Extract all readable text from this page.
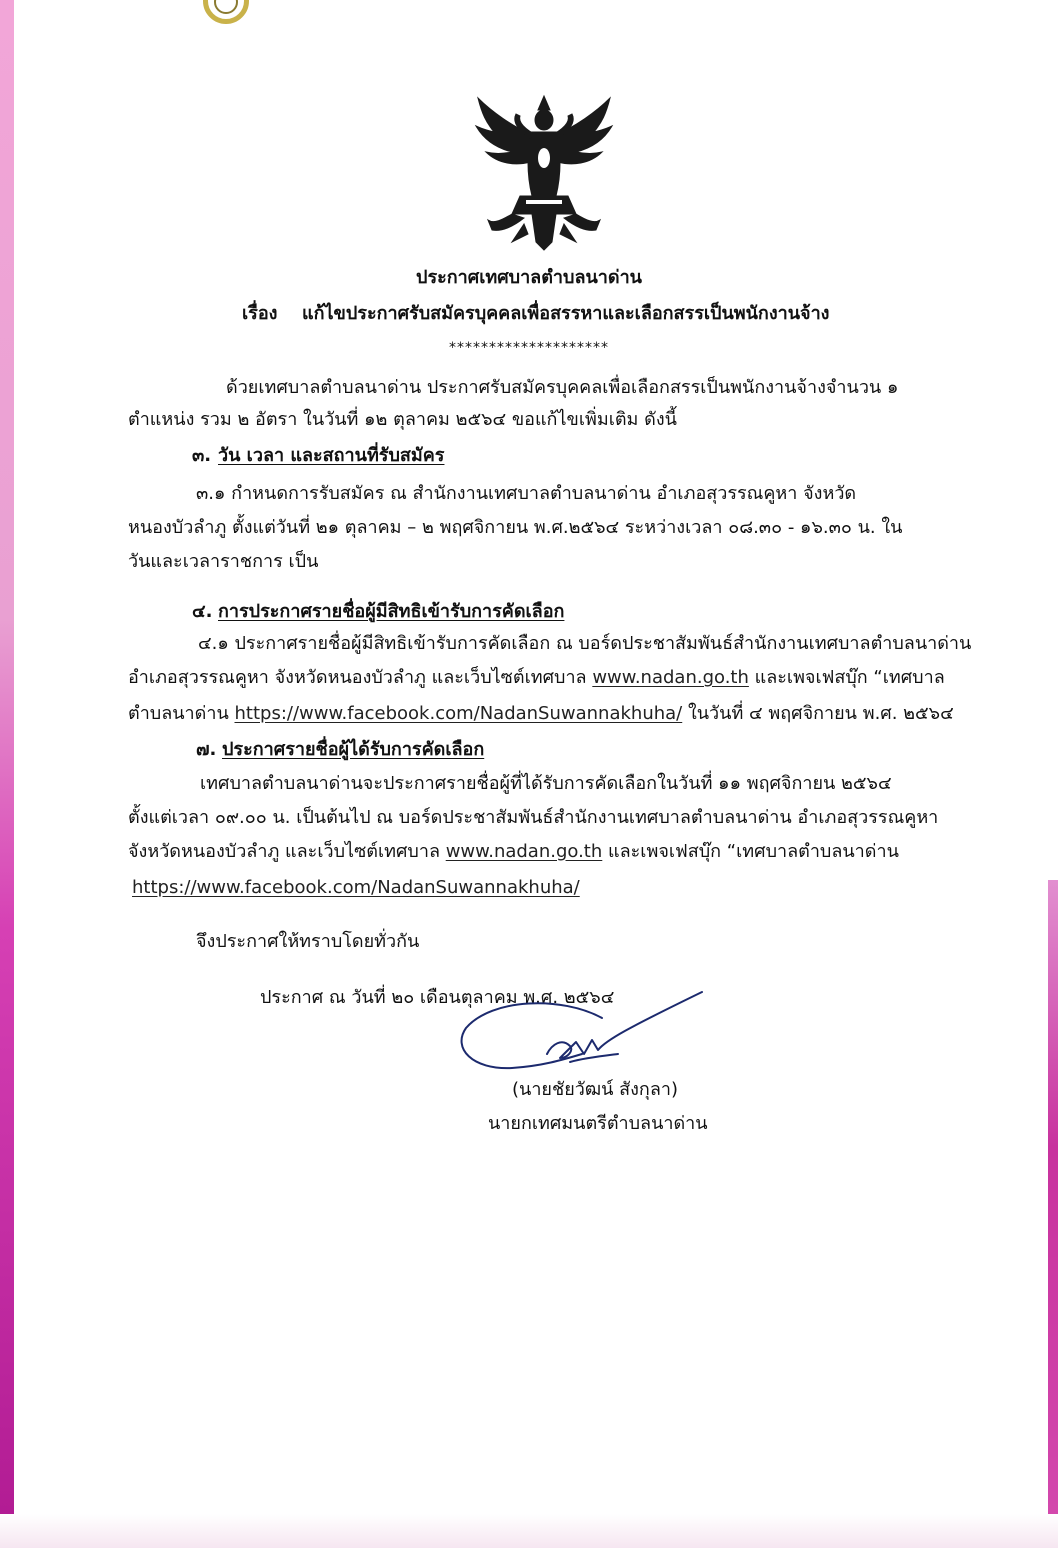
ประกาศเทศบาลตำบลนาด่าน
เรื่อง แก้ไขประกาศรับสมัครบุคคลเพื่อสรรหาและเลือกสรรเป็นพนักงานจ้าง
********************
ด้วยเทศบาลตำบลนาด่าน ประกาศรับสมัครบุคคลเพื่อเลือกสรรเป็นพนักงานจ้างจำนวน ๑
ตำแหน่ง รวม ๒ อัตรา ในวันที่ ๑๒ ตุลาคม ๒๕๖๔ ขอแก้ไขเพิ่มเติม ดังนี้
๓. วัน เวลา และสถานที่รับสมัคร
๓.๑ กำหนดการรับสมัคร ณ สำนักงานเทศบาลตำบลนาด่าน อำเภอสุวรรณคูหา จังหวัด
หนองบัวลำภู ตั้งแต่วันที่ ๒๑ ตุลาคม – ๒ พฤศจิกายน พ.ศ.๒๕๖๔ ระหว่างเวลา ๐๘.๓๐ - ๑๖.๓๐ น. ใน
วันและเวลาราชการ เป็น
๔. การประกาศรายชื่อผู้มีสิทธิเข้ารับการคัดเลือก
๔.๑ ประกาศรายชื่อผู้มีสิทธิเข้ารับการคัดเลือก ณ บอร์ดประชาสัมพันธ์สำนักงานเทศบาลตำบลนาด่าน
อำเภอสุวรรณคูหา จังหวัดหนองบัวลำภู และเว็บไซต์เทศบาล www.nadan.go.th และเพจเฟสบุ๊ก “เทศบาล
ตำบลนาด่าน https://www.facebook.com/NadanSuwannakhuha/ ในวันที่ ๔ พฤศจิกายน พ.ศ. ๒๕๖๔
๗. ประกาศรายชื่อผู้ได้รับการคัดเลือก
เทศบาลตำบลนาด่านจะประกาศรายชื่อผู้ที่ได้รับการคัดเลือกในวันที่ ๑๑ พฤศจิกายน ๒๕๖๔
ตั้งแต่เวลา ๐๙.๐๐ น. เป็นต้นไป ณ บอร์ดประชาสัมพันธ์สำนักงานเทศบาลตำบลนาด่าน อำเภอสุวรรณคูหา
จังหวัดหนองบัวลำภู และเว็บไซต์เทศบาล www.nadan.go.th และเพจเฟสบุ๊ก “เทศบาลตำบลนาด่าน
https://www.facebook.com/NadanSuwannakhuha/
จึงประกาศให้ทราบโดยทั่วกัน
ประกาศ ณ วันที่ ๒๐ เดือนตุลาคม พ.ศ. ๒๕๖๔
(นายชัยวัฒน์ สังกุลา)
นายกเทศมนตรีตำบลนาด่าน
